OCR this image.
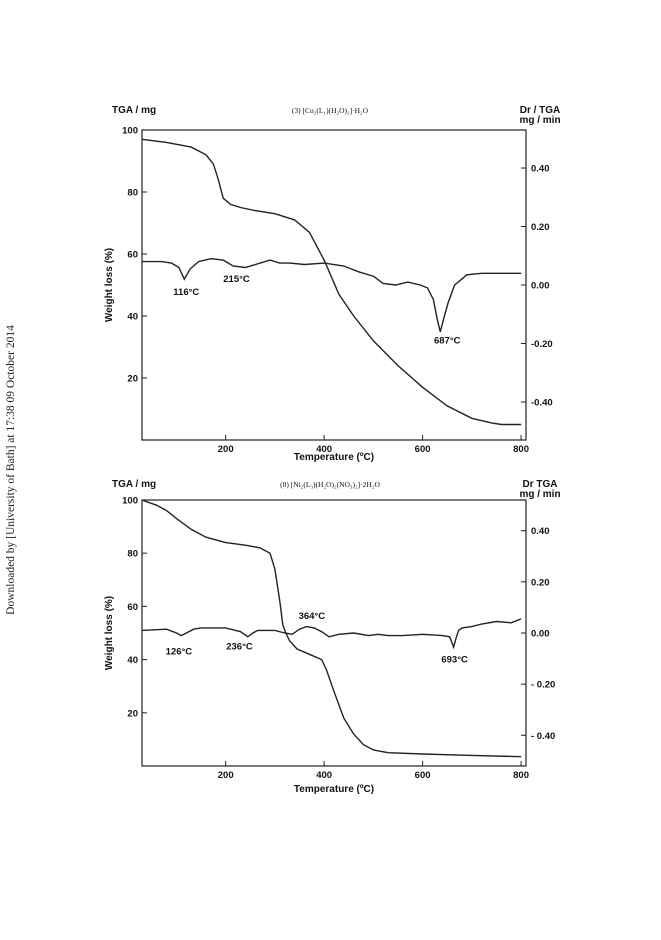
Downloaded by [University of Bath] at 17:38 09 October 2014
TGA / mg	Dr / TGA
mg / min
(3) [Cu₂(L₁)(H₂O)₂]·H₂O
Weight loss (%)
Temperature (ºC)
200	400	600	800
20
40
60
80
100
0.40
0.20
0.00
-0.20
-0.40
116°C
215°C
687°C
TGA / mg	Dr TGA
mg / min
(8) [Ni₂(L₃)(H₂O)₂(NO₃)₂]·2H₂O
Weight loss (%)
Temperature (ºC)
200	400	600	800
20
40
60
80
100
0.40
0.20
0.00
- 0.20
- 0.40
126°C	236°C
364°C
693°C
